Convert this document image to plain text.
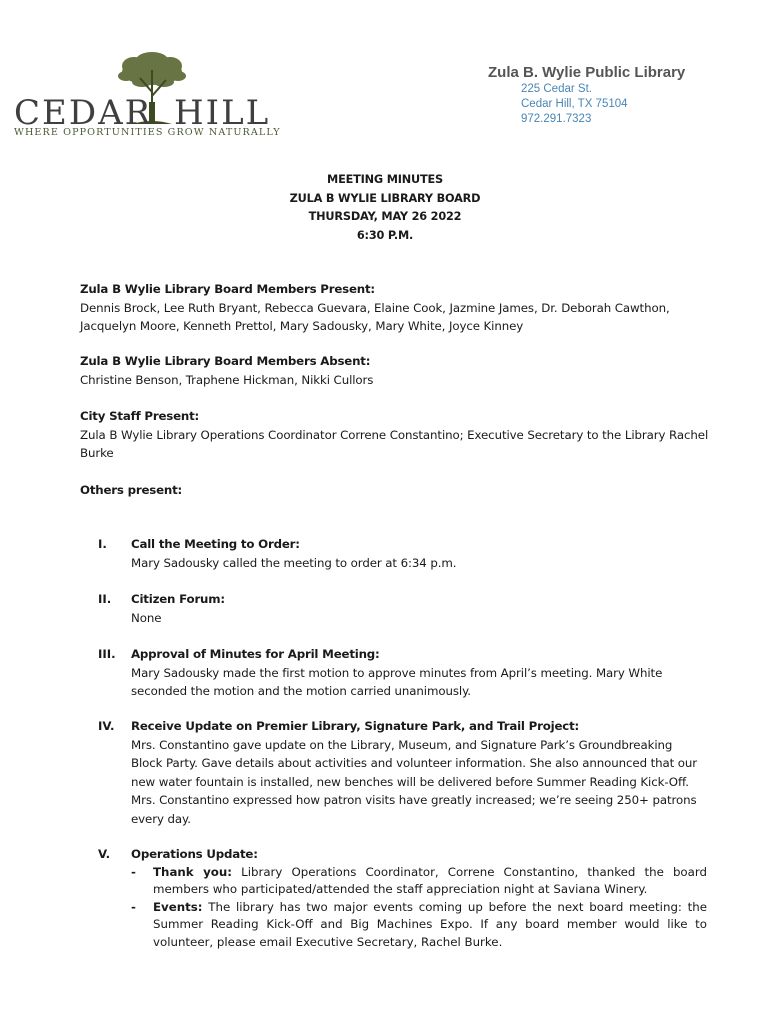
CEDAR HILL
WHERE OPPORTUNITIES GROW NATURALLY
Zula B. Wylie Public Library
225 Cedar St.
Cedar Hill, TX 75104
972.291.7323
MEETING MINUTES
ZULA B WYLIE LIBRARY BOARD
THURSDAY, MAY 26 2022
6:30 P.M.
Zula B Wylie Library Board Members Present:
Dennis Brock, Lee Ruth Bryant, Rebecca Guevara, Elaine Cook, Jazmine James, Dr. Deborah Cawthon, Jacquelyn Moore, Kenneth Prettol, Mary Sadousky, Mary White, Joyce Kinney
Zula B Wylie Library Board Members Absent:
Christine Benson, Traphene Hickman, Nikki Cullors
City Staff Present:
Zula B Wylie Library Operations Coordinator Correne Constantino; Executive Secretary to the Library Rachel Burke
Others present:
I.	Call the Meeting to Order:
Mary Sadousky called the meeting to order at 6:34 p.m.
II.	Citizen Forum:
None
III.	Approval of Minutes for April Meeting:
Mary Sadousky made the first motion to approve minutes from April’s meeting. Mary White seconded the motion and the motion carried unanimously.
IV.	Receive Update on Premier Library, Signature Park, and Trail Project:
Mrs. Constantino gave update on the Library, Museum, and Signature Park’s Groundbreaking Block Party. Gave details about activities and volunteer information. She also announced that our new water fountain is installed, new benches will be delivered before Summer Reading Kick-Off. Mrs. Constantino expressed how patron visits have greatly increased; we’re seeing 250+ patrons every day.
V.	Operations Update:
- Thank you: Library Operations Coordinator, Correne Constantino, thanked the board members who participated/attended the staff appreciation night at Saviana Winery.
- Events: The library has two major events coming up before the next board meeting: the Summer Reading Kick-Off and Big Machines Expo. If any board member would like to volunteer, please email Executive Secretary, Rachel Burke.
